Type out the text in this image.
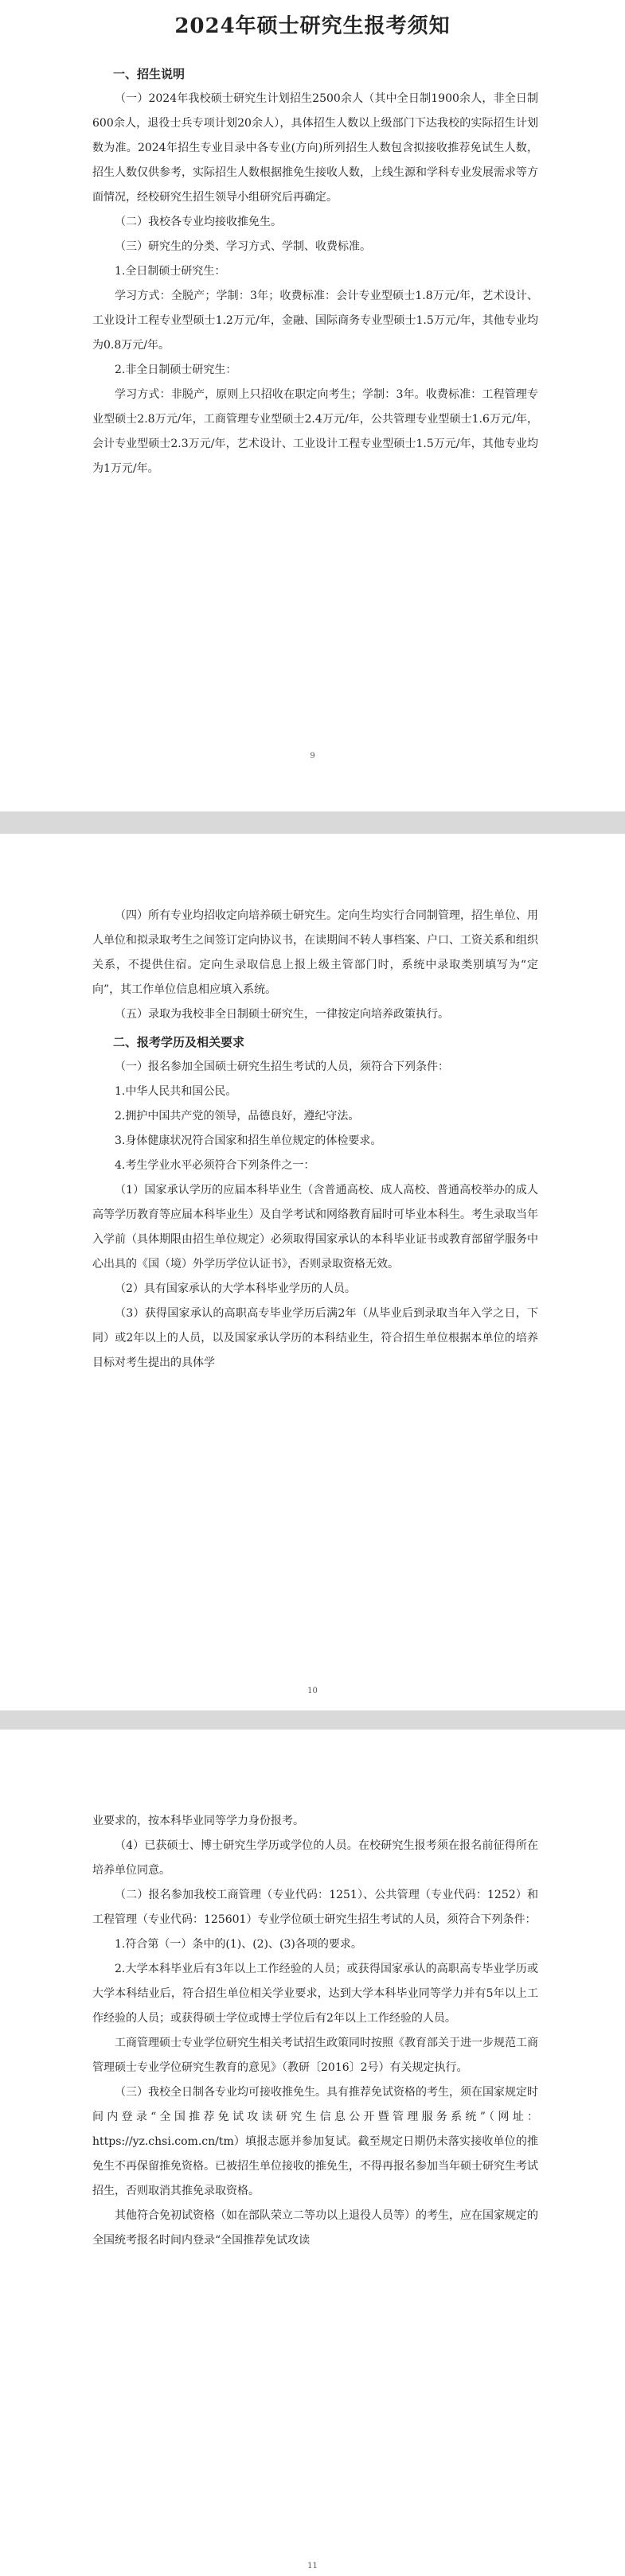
2024年硕士研究生报考须知
一、招生说明

（一）2024年我校硕士研究生计划招生2500余人（其中全日制1900余人，非全日制600余人，退役士兵专项计划20余人），具体招生人数以上级部门下达我校的实际招生计划数为准。2024年招生专业目录中各专业(方向)所列招生人数包含拟接收推荐免试生人数，招生人数仅供参考，实际招生人数根据推免生接收人数，上线生源和学科专业发展需求等方面情况，经校研究生招生领导小组研究后再确定。

（二）我校各专业均接收推免生。

（三）研究生的分类、学习方式、学制、收费标准。

1.全日制硕士研究生：

学习方式：全脱产；学制：3年；收费标准：会计专业型硕士1.8万元/年，艺术设计、工业设计工程专业型硕士1.2万元/年，金融、国际商务专业型硕士1.5万元/年，其他专业均为0.8万元/年。

2.非全日制硕士研究生：

学习方式：非脱产，原则上只招收在职定向考生；学制：3年。收费标准：工程管理专业型硕士2.8万元/年，工商管理专业型硕士2.4万元/年，公共管理专业型硕士1.6万元/年，会计专业型硕士2.3万元/年，艺术设计、工业设计工程专业型硕士1.5万元/年，其他专业均为1万元/年。

9

（四）所有专业均招收定向培养硕士研究生。定向生均实行合同制管理，招生单位、用人单位和拟录取考生之间签订定向协议书，在读期间不转人事档案、户口、工资关系和组织关系，不提供住宿。定向生录取信息上报上级主管部门时，系统中录取类别填写为“定向”，其工作单位信息相应填入系统。

（五）录取为我校非全日制硕士研究生，一律按定向培养政策执行。

二、报考学历及相关要求

（一）报名参加全国硕士研究生招生考试的人员，须符合下列条件：

1.中华人民共和国公民。

2.拥护中国共产党的领导，品德良好，遵纪守法。

3.身体健康状况符合国家和招生单位规定的体检要求。

4.考生学业水平必须符合下列条件之一：

（1）国家承认学历的应届本科毕业生（含普通高校、成人高校、普通高校举办的成人高等学历教育等应届本科毕业生）及自学考试和网络教育届时可毕业本科生。考生录取当年入学前（具体期限由招生单位规定）必须取得国家承认的本科毕业证书或教育部留学服务中心出具的《国（境）外学历学位认证书》，否则录取资格无效。

（2）具有国家承认的大学本科毕业学历的人员。

（3）获得国家承认的高职高专毕业学历后满2年（从毕业后到录取当年入学之日，下同）或2年以上的人员，以及国家承认学历的本科结业生，符合招生单位根据本单位的培养目标对考生提出的具体学

10

业要求的，按本科毕业同等学力身份报考。

（4）已获硕士、博士研究生学历或学位的人员。在校研究生报考须在报名前征得所在培养单位同意。

（二）报名参加我校工商管理（专业代码：1251）、公共管理（专业代码：1252）和工程管理（专业代码：125601）专业学位硕士研究生招生考试的人员，须符合下列条件：

1.符合第（一）条中的(1)、(2)、(3)各项的要求。

2.大学本科毕业后有3年以上工作经验的人员；或获得国家承认的高职高专毕业学历或大学本科结业后，符合招生单位相关学业要求，达到大学本科毕业同等学力并有5年以上工作经验的人员；或获得硕士学位或博士学位后有2年以上工作经验的人员。

工商管理硕士专业学位研究生相关考试招生政策同时按照《教育部关于进一步规范工商管理硕士专业学位研究生教育的意见》（教研〔2016〕2号）有关规定执行。

（三）我校全日制各专业均可接收推免生。具有推荐免试资格的考生，须在国家规定时间内登录“全国推荐免试攻读研究生信息公开暨管理服务系统”（网址：https://yz.chsi.com.cn/tm）填报志愿并参加复试。截至规定日期仍未落实接收单位的推免生不再保留推免资格。已被招生单位接收的推免生，不得再报名参加当年硕士研究生考试招生，否则取消其推免录取资格。

其他符合免初试资格（如在部队荣立二等功以上退役人员等）的考生，应在国家规定的全国统考报名时间内登录“全国推荐免试攻读

11
